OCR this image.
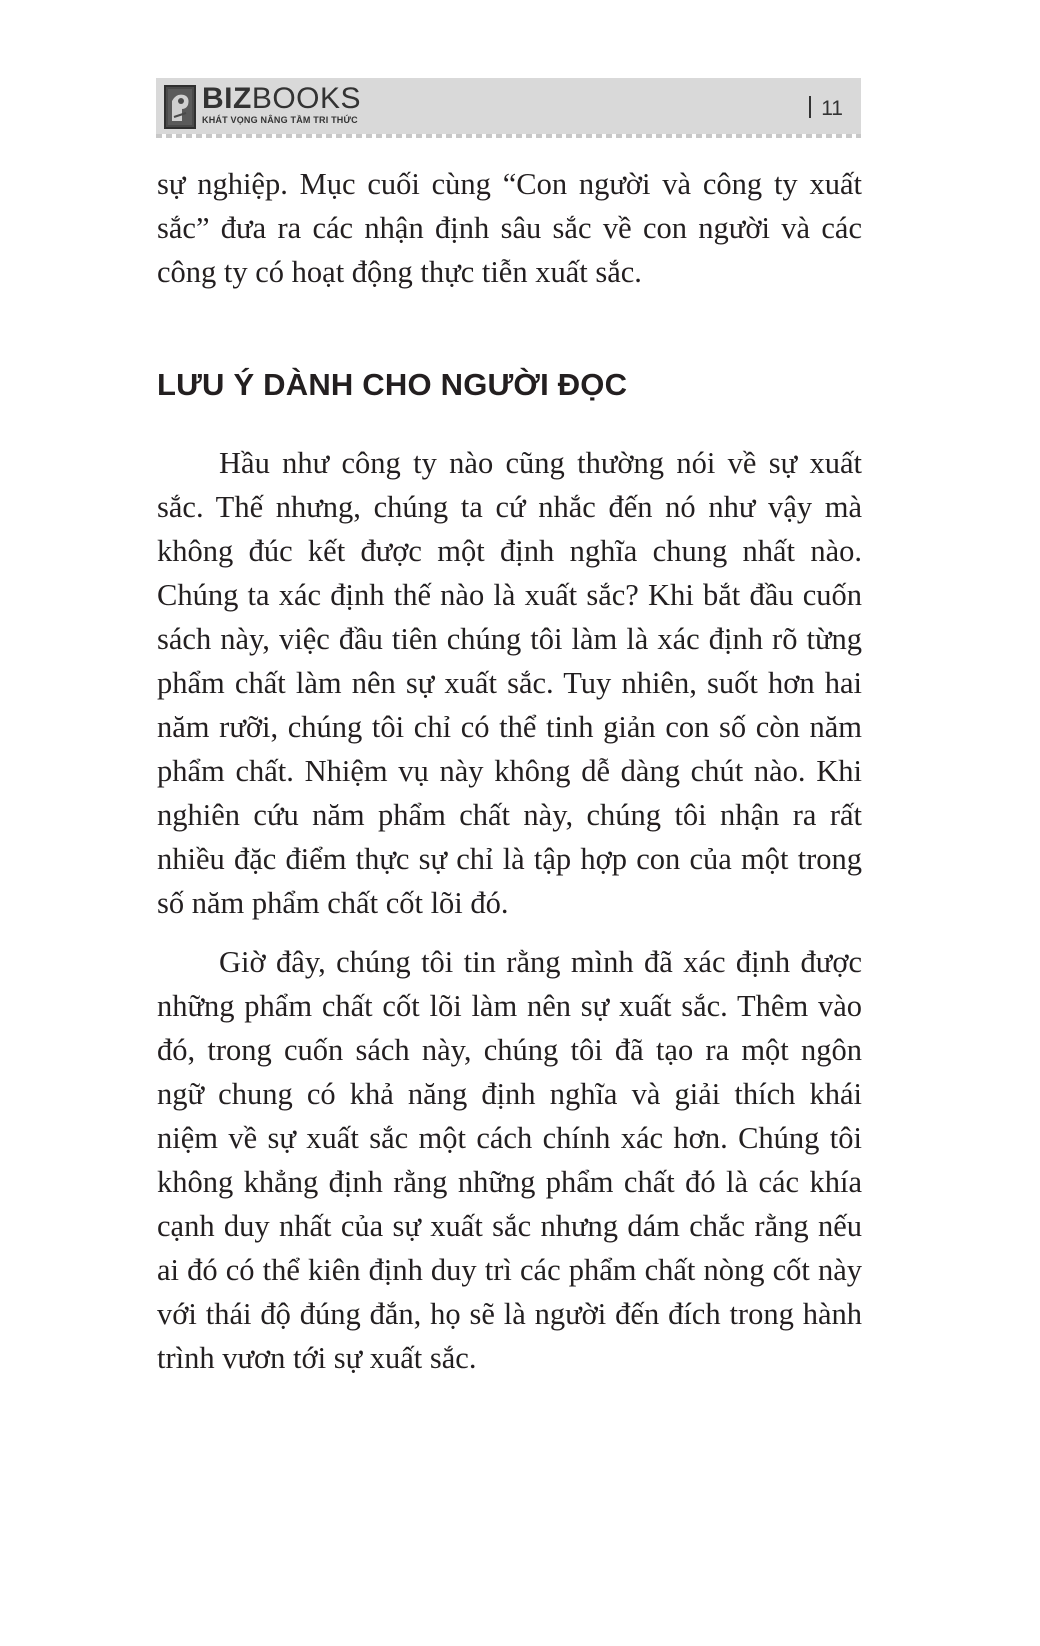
BIZBOOKS
KHÁT VỌNG NÂNG TẦM TRI THỨC	11

sự nghiệp. Mục cuối cùng “Con người và công ty xuất sắc” đưa ra các nhận định sâu sắc về con người và các công ty có hoạt động thực tiễn xuất sắc.

LƯU Ý DÀNH CHO NGƯỜI ĐỌC

Hầu như công ty nào cũng thường nói về sự xuất sắc. Thế nhưng, chúng ta cứ nhắc đến nó như vậy mà không đúc kết được một định nghĩa chung nhất nào. Chúng ta xác định thế nào là xuất sắc? Khi bắt đầu cuốn sách này, việc đầu tiên chúng tôi làm là xác định rõ từng phẩm chất làm nên sự xuất sắc. Tuy nhiên, suốt hơn hai năm rưỡi, chúng tôi chỉ có thể tinh giản con số còn năm phẩm chất. Nhiệm vụ này không dễ dàng chút nào. Khi nghiên cứu năm phẩm chất này, chúng tôi nhận ra rất nhiều đặc điểm thực sự chỉ là tập hợp con của một trong số năm phẩm chất cốt lõi đó.

Giờ đây, chúng tôi tin rằng mình đã xác định được những phẩm chất cốt lõi làm nên sự xuất sắc. Thêm vào đó, trong cuốn sách này, chúng tôi đã tạo ra một ngôn ngữ chung có khả năng định nghĩa và giải thích khái niệm về sự xuất sắc một cách chính xác hơn. Chúng tôi không khẳng định rằng những phẩm chất đó là các khía cạnh duy nhất của sự xuất sắc nhưng dám chắc rằng nếu ai đó có thể kiên định duy trì các phẩm chất nòng cốt này với thái độ đúng đắn, họ sẽ là người đến đích trong hành trình vươn tới sự xuất sắc.
